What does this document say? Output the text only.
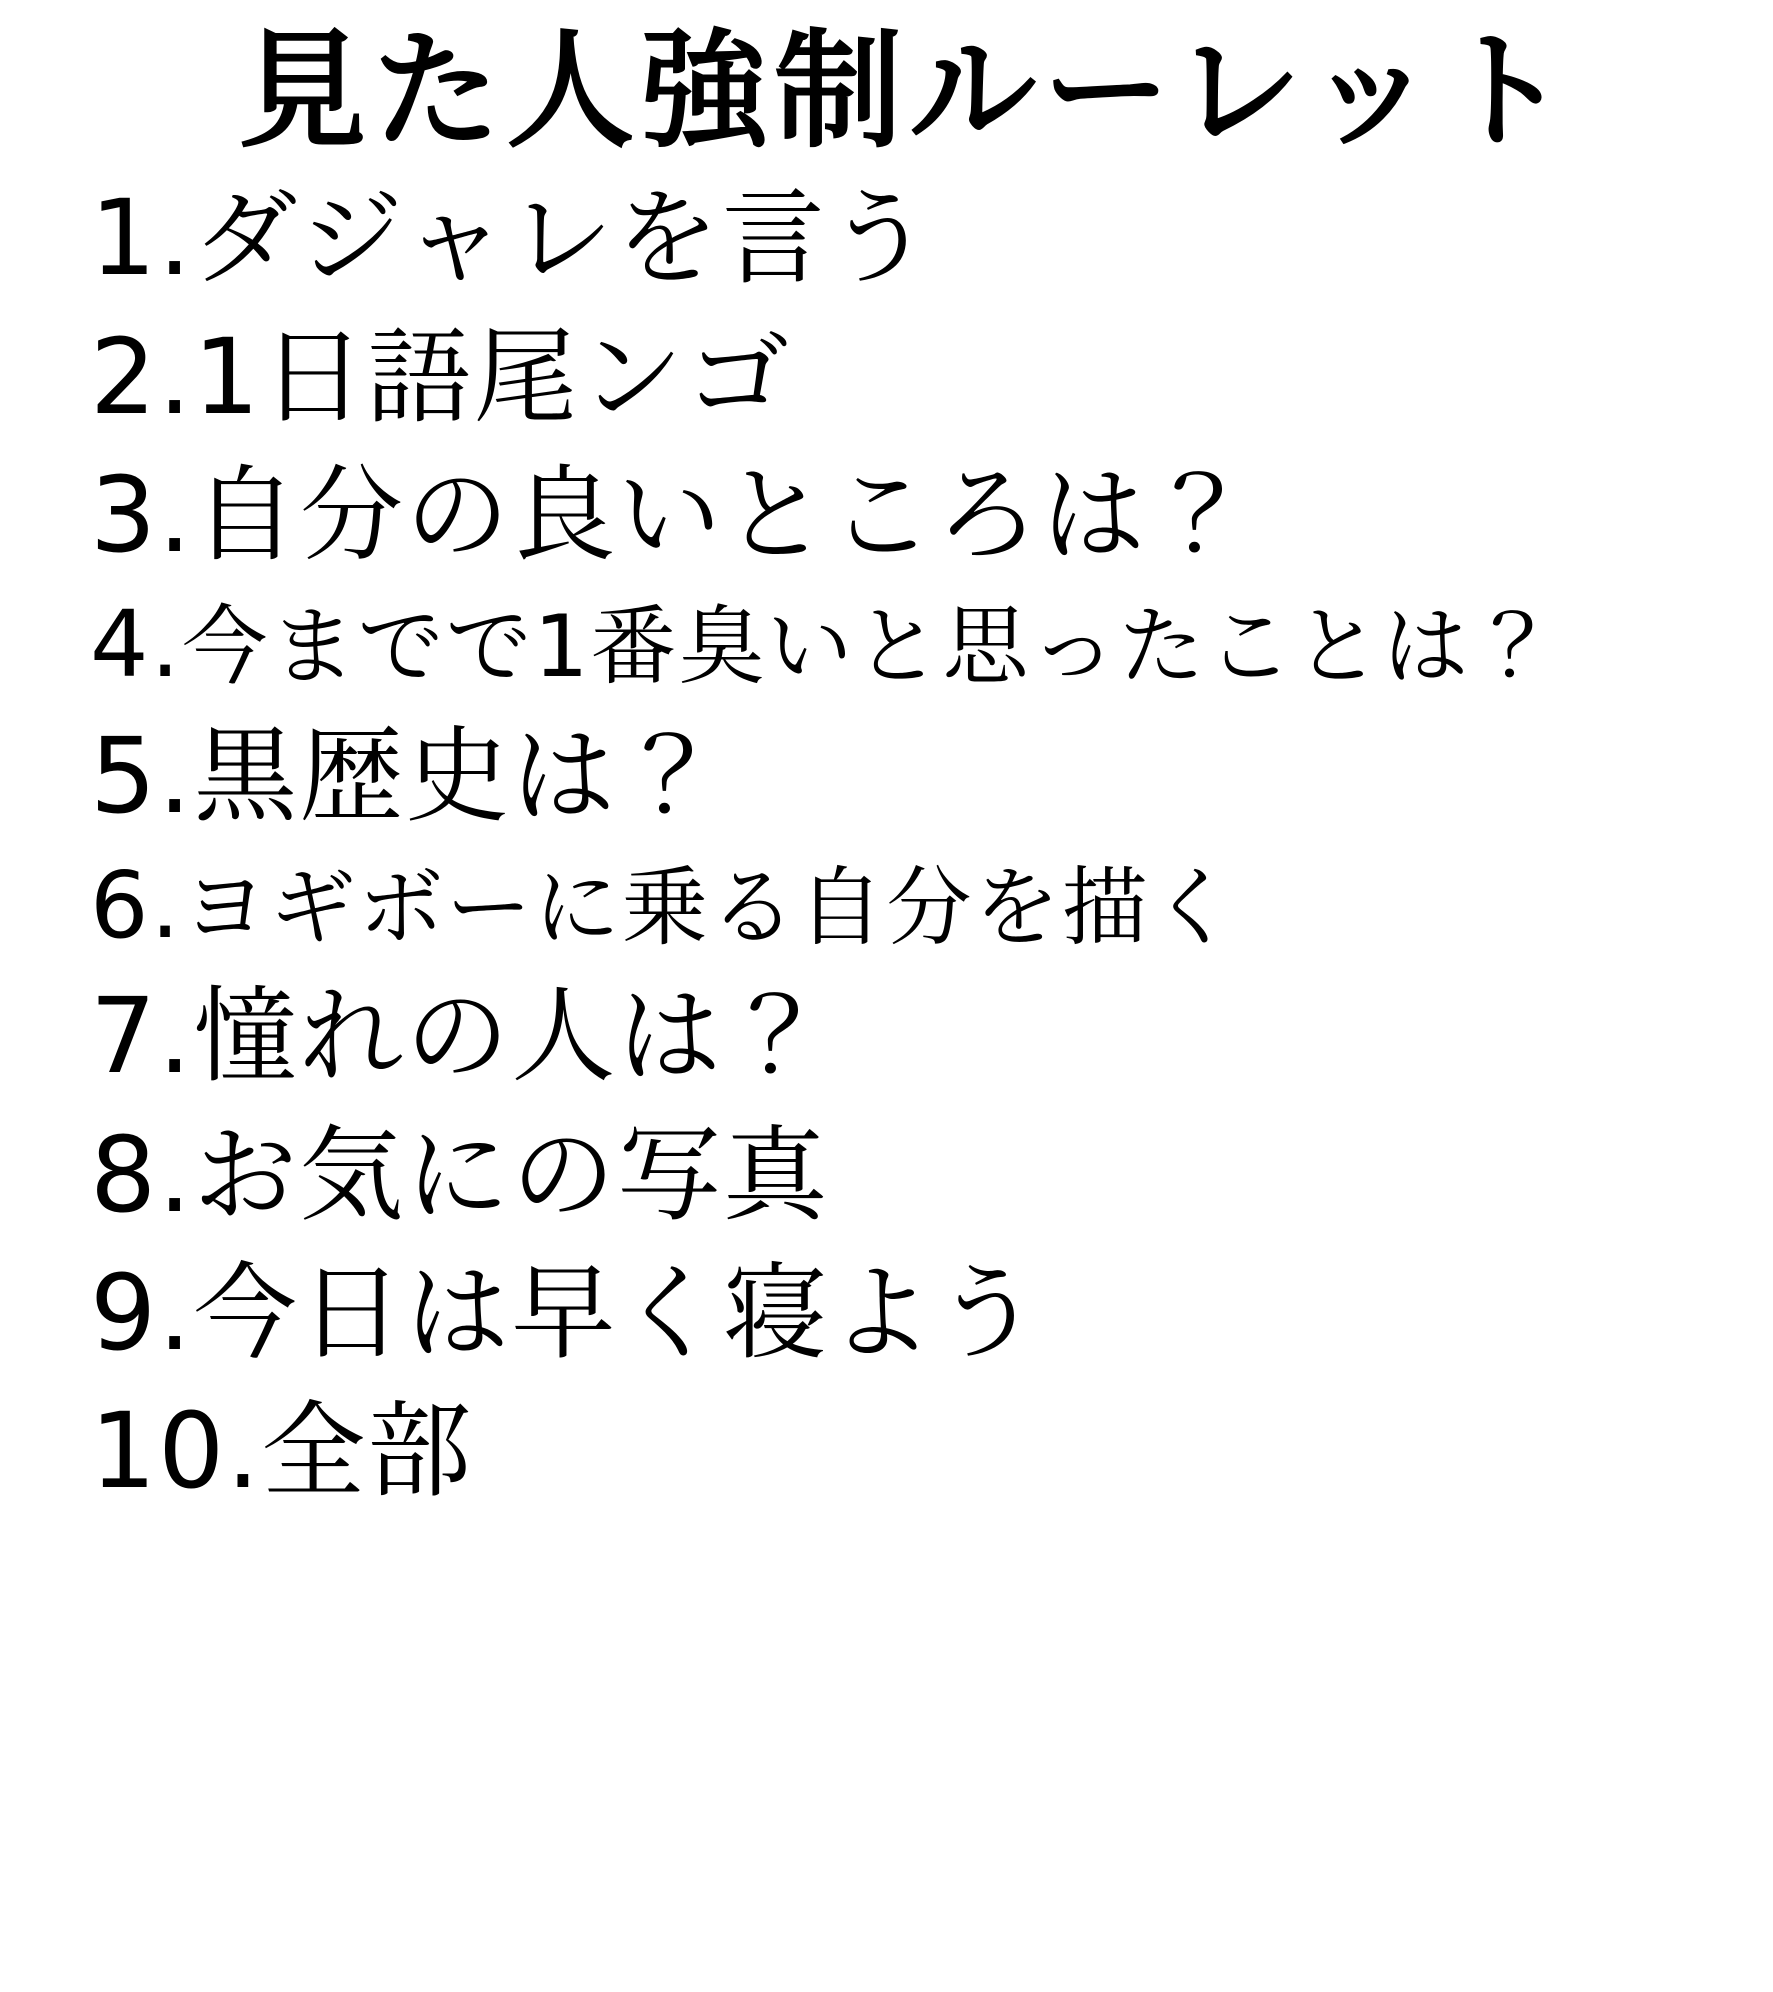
見た人強制ルーレット
1. ダジャレを言う
2. 1日語尾ンゴ
3. 自分の良いところは？
4. 今までで1番臭いと思ったことは？
5. 黒歴史は？
6. ヨギボーに乗る自分を描く
7. 憧れの人は？
8. お気にの写真
9. 今日は早く寝よう
10. 全部
